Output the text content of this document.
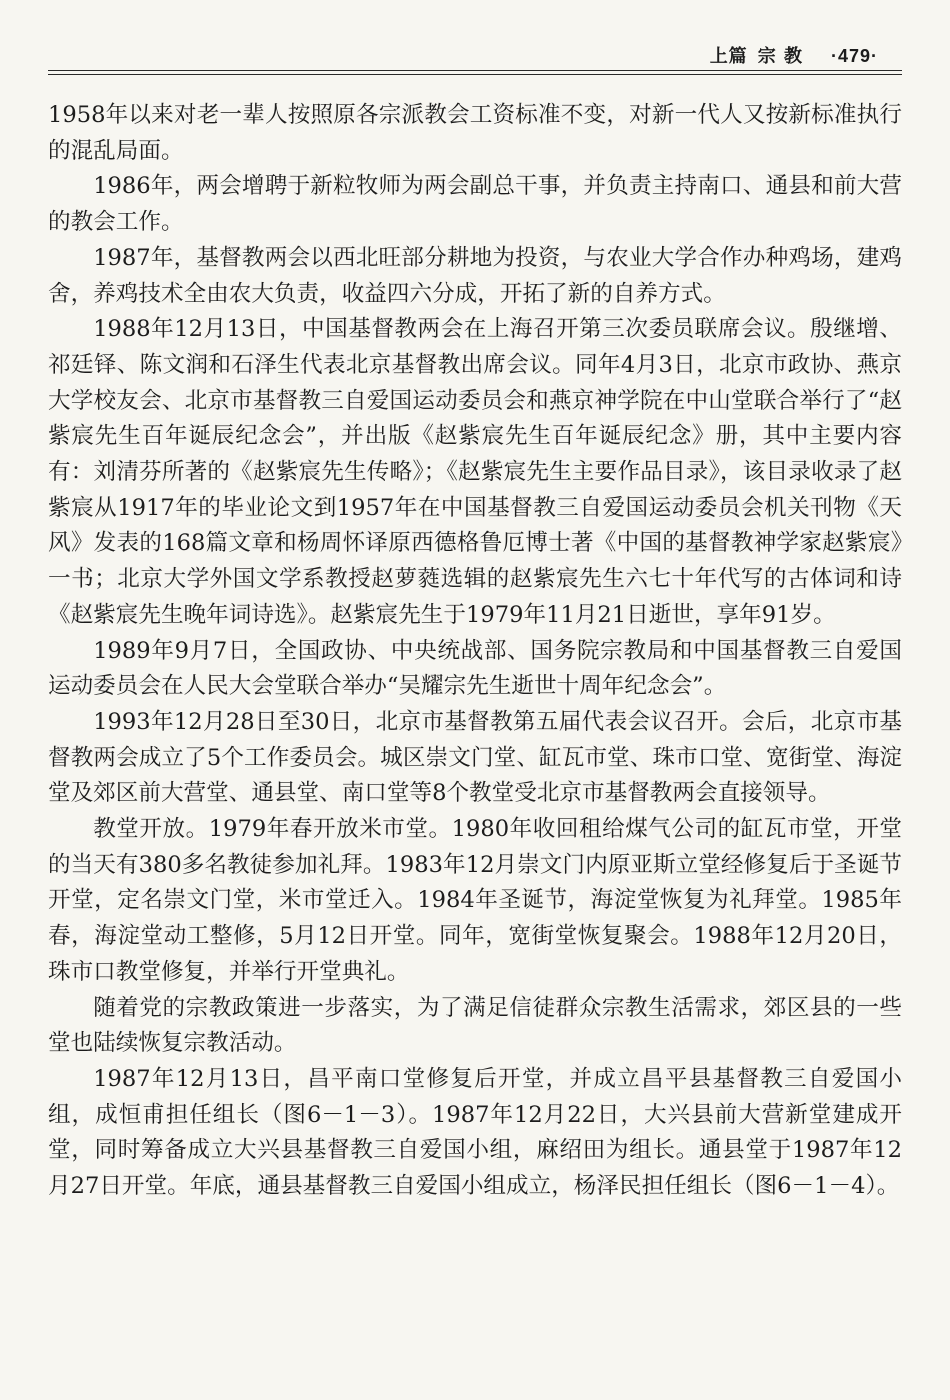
上篇 宗 教 ·479·

1958年以来对老一辈人按照原各宗派教会工资标准不变，对新一代人又按新标准执行的混乱局面。

1986年，两会增聘于新粒牧师为两会副总干事，并负责主持南口、通县和前大营的教会工作。

1987年，基督教两会以西北旺部分耕地为投资，与农业大学合作办种鸡场，建鸡舍，养鸡技术全由农大负责，收益四六分成，开拓了新的自养方式。

1988年12月13日，中国基督教两会在上海召开第三次委员联席会议。殷继增、祁廷铎、陈文润和石泽生代表北京基督教出席会议。同年4月3日，北京市政协、燕京大学校友会、北京市基督教三自爱国运动委员会和燕京神学院在中山堂联合举行了“赵紫宸先生百年诞辰纪念会”，并出版《赵紫宸先生百年诞辰纪念》册，其中主要内容有：刘清芬所著的《赵紫宸先生传略》；《赵紫宸先生主要作品目录》，该目录收录了赵紫宸从1917年的毕业论文到1957年在中国基督教三自爱国运动委员会机关刊物《天风》发表的168篇文章和杨周怀译原西德格鲁厄博士著《中国的基督教神学家赵紫宸》一书；北京大学外国文学系教授赵萝蕤选辑的赵紫宸先生六七十年代写的古体词和诗《赵紫宸先生晚年词诗选》。赵紫宸先生于1979年11月21日逝世，享年91岁。

1989年9月7日，全国政协、中央统战部、国务院宗教局和中国基督教三自爱国运动委员会在人民大会堂联合举办“吴耀宗先生逝世十周年纪念会”。

1993年12月28日至30日，北京市基督教第五届代表会议召开。会后，北京市基督教两会成立了5个工作委员会。城区崇文门堂、缸瓦市堂、珠市口堂、宽街堂、海淀堂及郊区前大营堂、通县堂、南口堂等8个教堂受北京市基督教两会直接领导。

教堂开放。1979年春开放米市堂。1980年收回租给煤气公司的缸瓦市堂，开堂的当天有380多名教徒参加礼拜。1983年12月崇文门内原亚斯立堂经修复后于圣诞节开堂，定名崇文门堂，米市堂迁入。1984年圣诞节，海淀堂恢复为礼拜堂。1985年春，海淀堂动工整修，5月12日开堂。同年，宽街堂恢复聚会。1988年12月20日，珠市口教堂修复，并举行开堂典礼。

随着党的宗教政策进一步落实，为了满足信徒群众宗教生活需求，郊区县的一些堂也陆续恢复宗教活动。

1987年12月13日，昌平南口堂修复后开堂，并成立昌平县基督教三自爱国小组，成恒甫担任组长（图6－1－3）。1987年12月22日，大兴县前大营新堂建成开堂，同时筹备成立大兴县基督教三自爱国小组，麻绍田为组长。通县堂于1987年12月27日开堂。年底，通县基督教三自爱国小组成立，杨泽民担任组长（图6－1－4）。
